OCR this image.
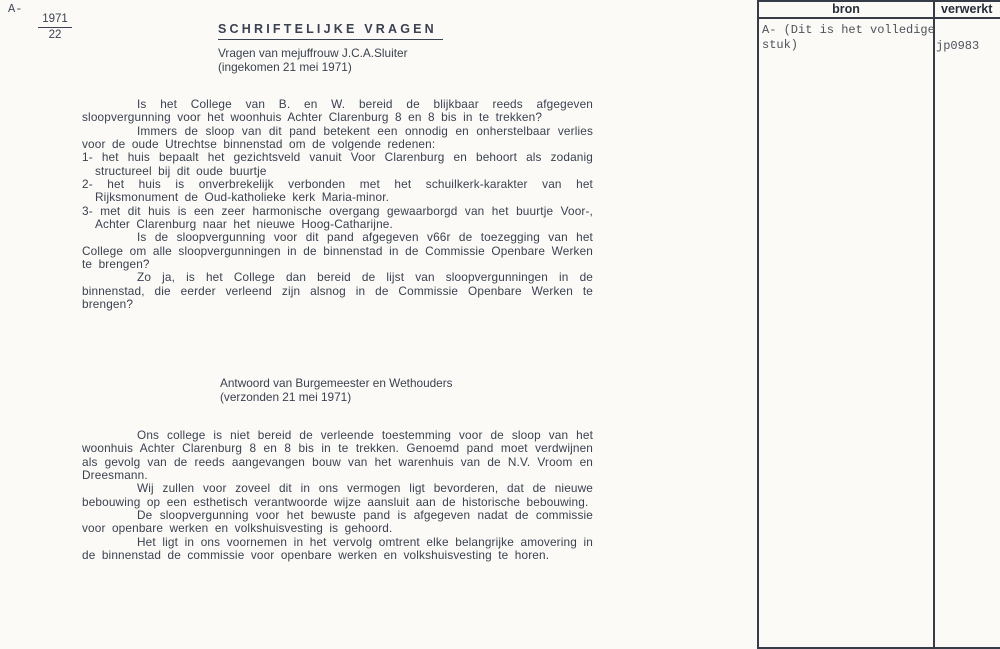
A-
1971
22	SCHRIFTELIJKE VRAGEN
Vragen van mejuffrouw J.C.A.Sluiter
(ingekomen 21 mei 1971)

Is het College van B. en W. bereid de blijkbaar reeds afgegeven sloopvergunning voor het woonhuis Achter Clarenburg 8 en 8 bis in te trekken?

Immers de sloop van dit pand betekent een onnodig en onherstelbaar verlies voor de oude Utrechtse binnenstad om de volgende redenen:

1- het huis bepaalt het gezichtsveld vanuit Voor Clarenburg en behoort als zodanig structureel bij dit oude buurtje
2- het huis is onverbrekelijk verbonden met het schuilkerk-karakter van het Rijksmonument de Oud-katholieke kerk Maria-minor.
3- met dit huis is een zeer harmonische overgang gewaarborgd van het buurtje Voor-, Achter Clarenburg naar het nieuwe Hoog-Catharijne.

Is de sloopvergunning voor dit pand afgegeven v66r de toezegging van het College om alle sloopvergunningen in de binnenstad in de Commissie Openbare Werken te brengen?

Zo ja, is het College dan bereid de lijst van sloopvergunningen in de binnenstad, die eerder verleend zijn alsnog in de Commissie Openbare Werken te brengen?

Antwoord van Burgemeester en Wethouders
(verzonden 21 mei 1971)

Ons college is niet bereid de verleende toestemming voor de sloop van het woonhuis Achter Clarenburg 8 en 8 bis in te trekken. Genoemd pand moet verdwijnen als gevolg van de reeds aangevangen bouw van het warenhuis van de N.V. Vroom en Dreesmann.

Wij zullen voor zoveel dit in ons vermogen ligt bevorderen, dat de nieuwe bebouwing op een esthetisch verantwoorde wijze aansluit aan de historische bebouwing.

De sloopvergunning voor het bewuste pand is afgegeven nadat de commissie voor openbare werken en volkshuisvesting is gehoord.

Het ligt in ons voornemen in het vervolg omtrent elke belangrijke amovering in de binnenstad de commissie voor openbare werken en volkshuisvesting te horen.

bron	verwerkt
A- (Dit is het volledige stuk)	jp0983
